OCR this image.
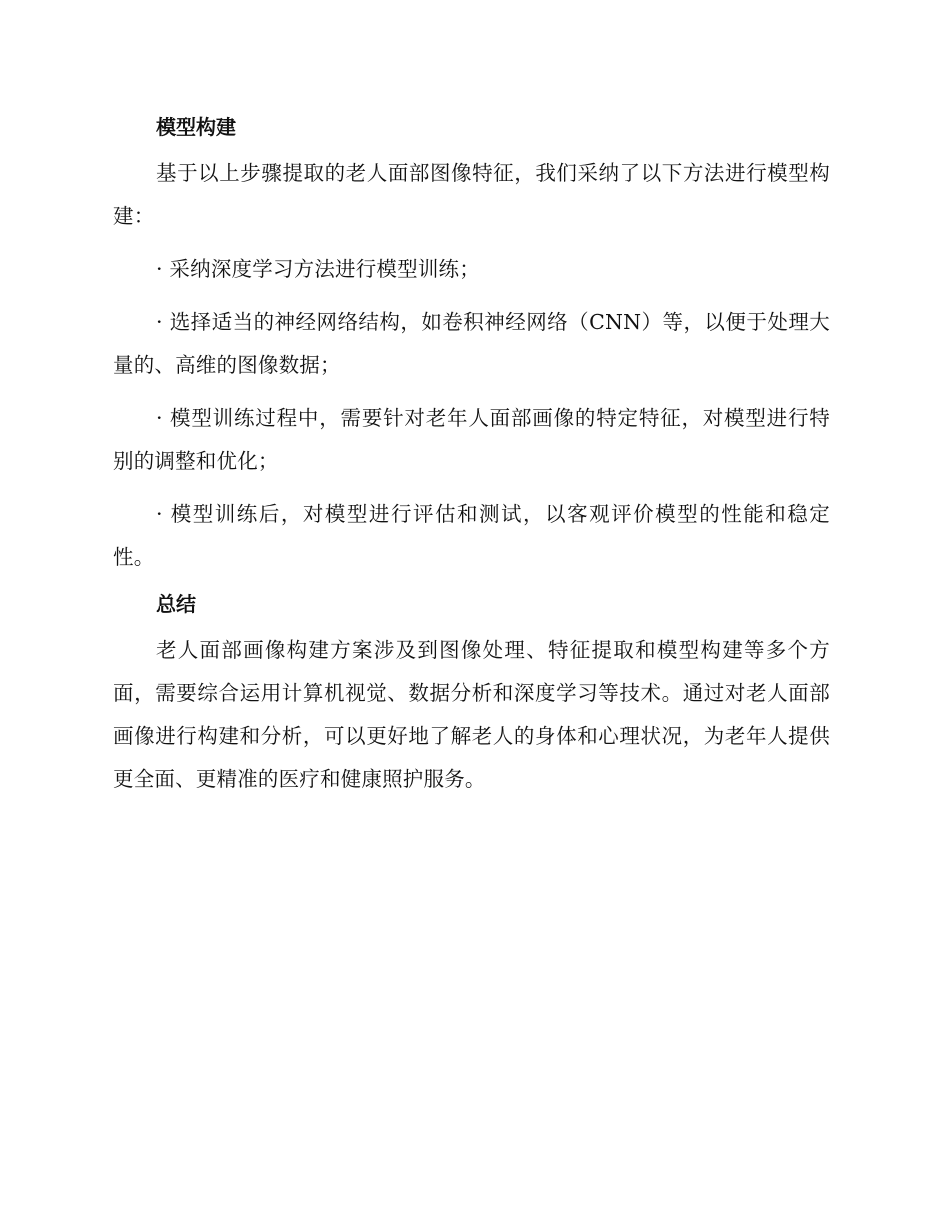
模型构建

基于以上步骤提取的老人面部图像特征，我们采纳了以下方法进行模型构建：

· 采纳深度学习方法进行模型训练；

· 选择适当的神经网络结构，如卷积神经网络（CNN）等，以便于处理大量的、高维的图像数据；

· 模型训练过程中，需要针对老年人面部画像的特定特征，对模型进行特别的调整和优化；

· 模型训练后，对模型进行评估和测试，以客观评价模型的性能和稳定性。

总结

老人面部画像构建方案涉及到图像处理、特征提取和模型构建等多个方面，需要综合运用计算机视觉、数据分析和深度学习等技术。通过对老人面部画像进行构建和分析，可以更好地了解老人的身体和心理状况，为老年人提供更全面、更精准的医疗和健康照护服务。
